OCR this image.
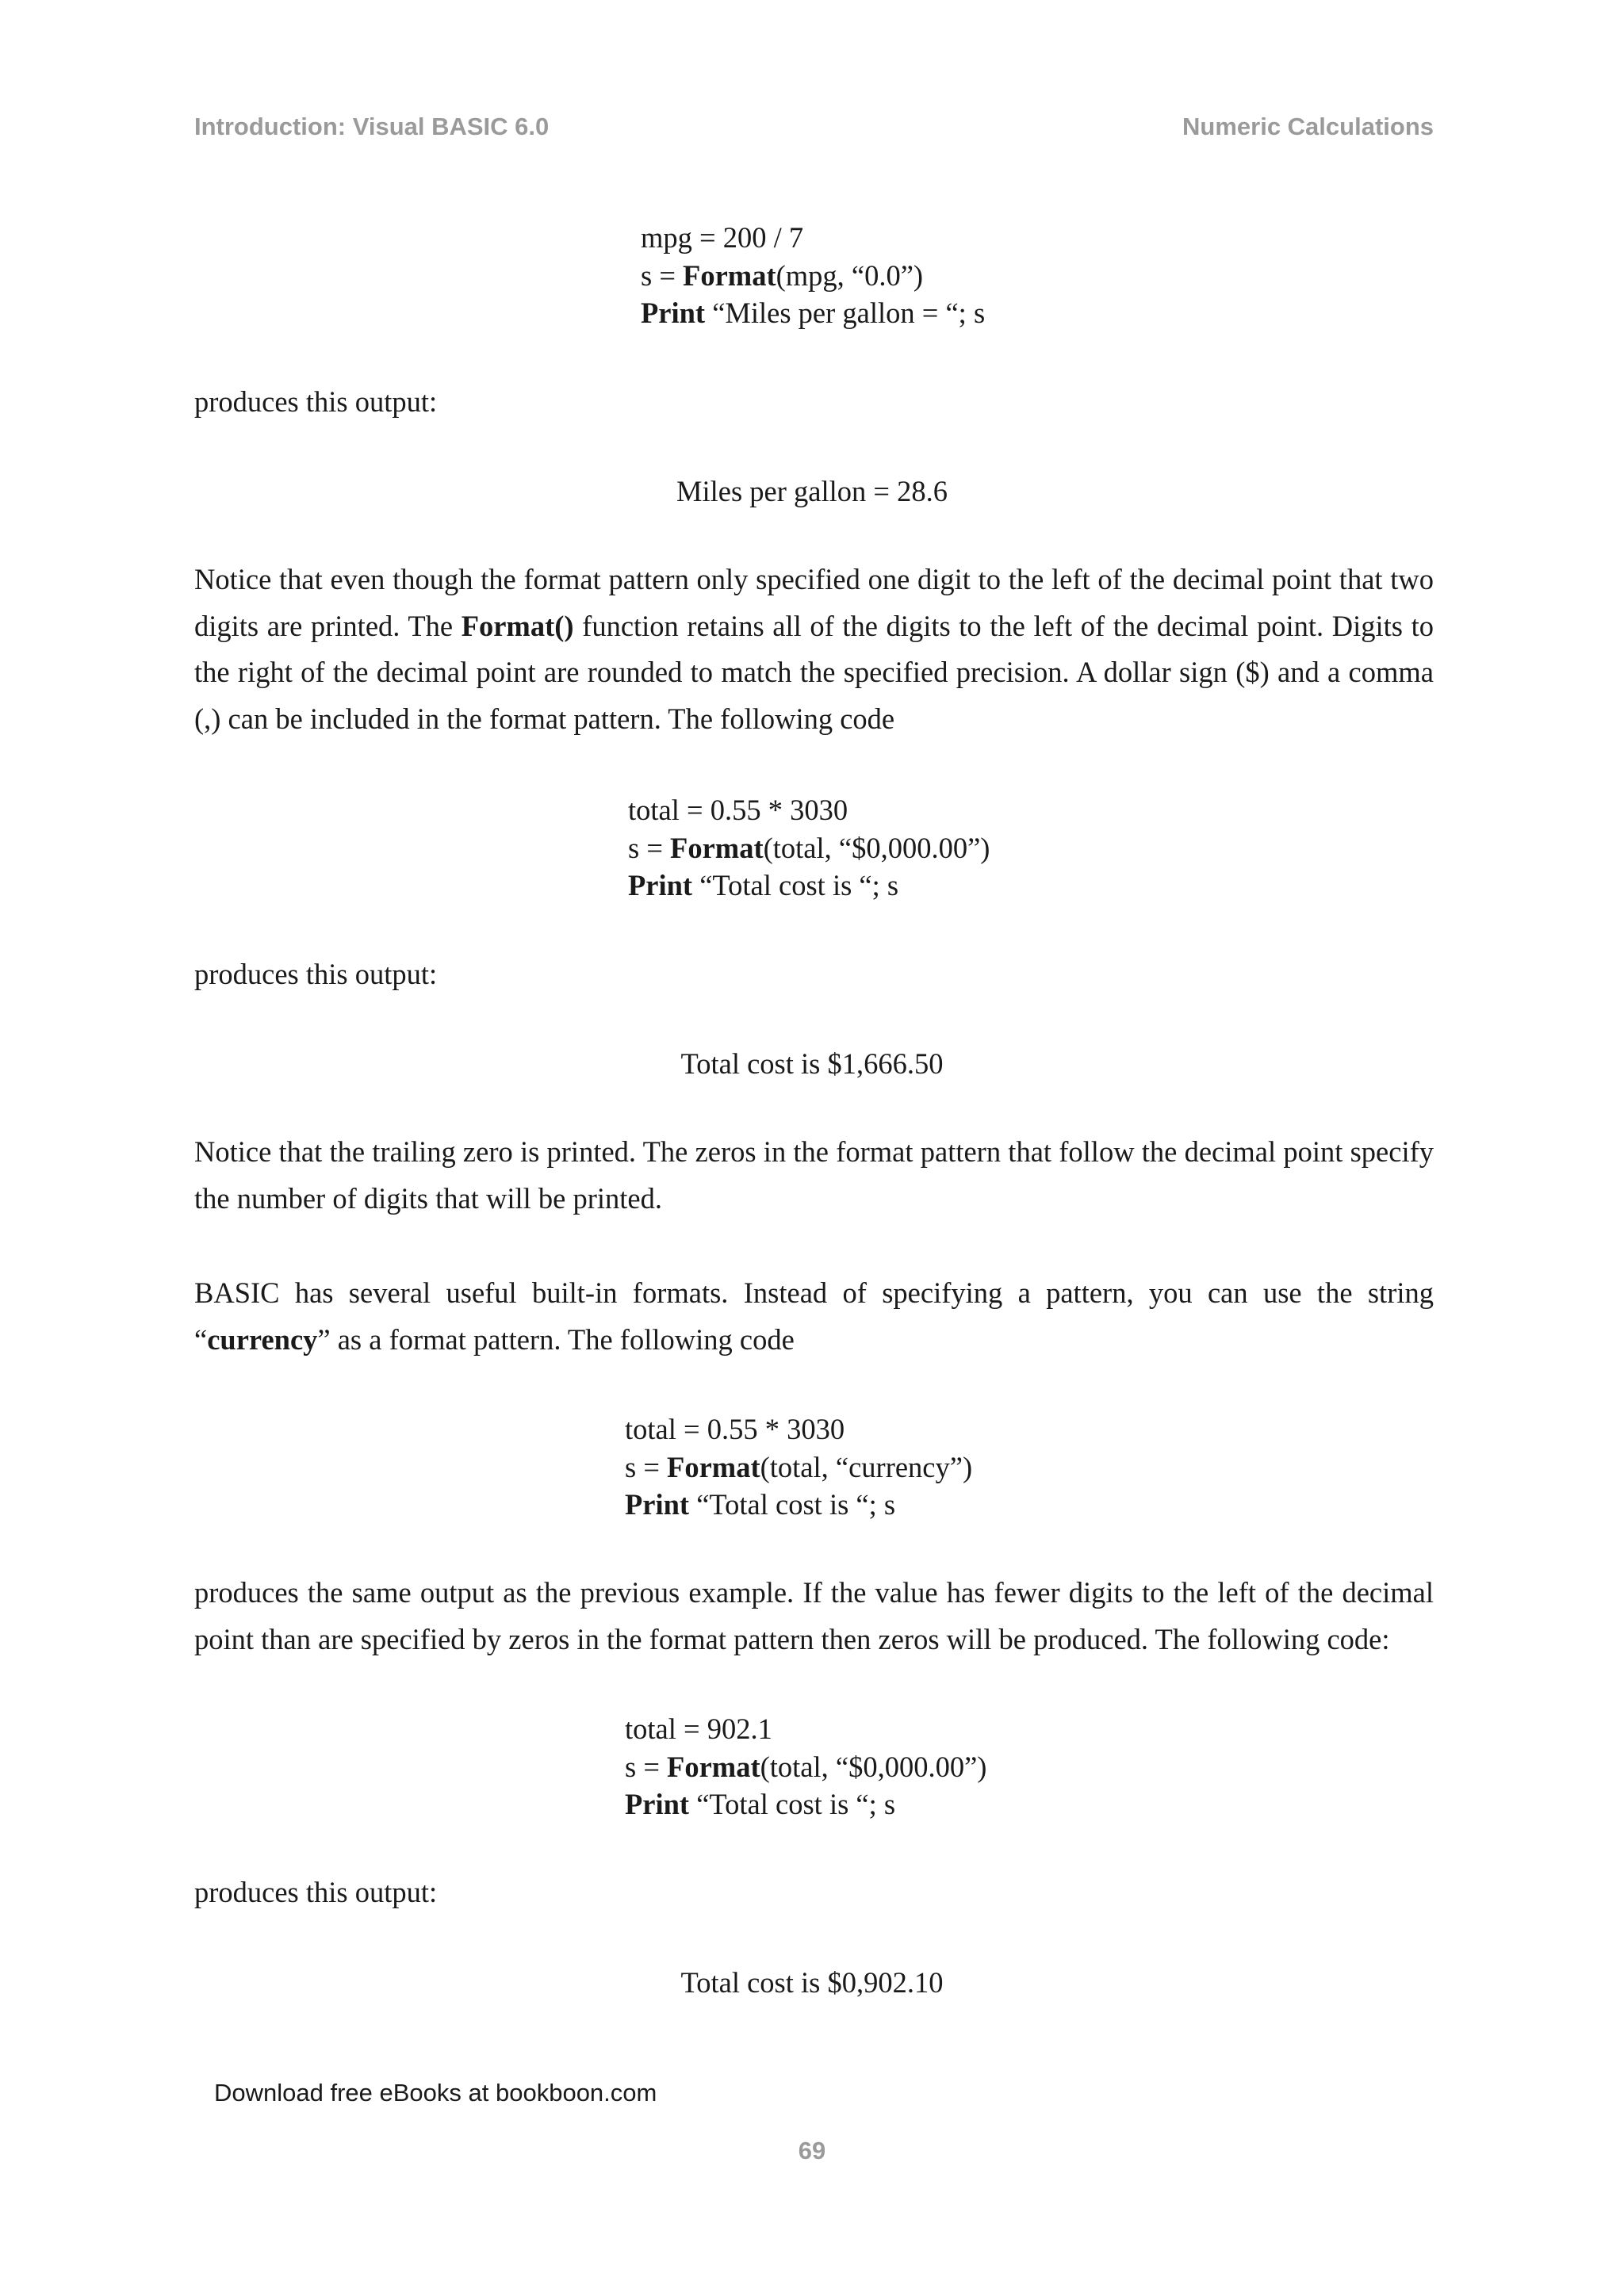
Introduction: Visual BASIC 6.0	Numeric Calculations
mpg = 200 / 7
s = Format(mpg, “0.0”)
Print “Miles per gallon = “; s
produces this output:
Miles per gallon = 28.6
Notice that even though the format pattern only specified one digit to the left of the decimal point that two digits are printed. The Format() function retains all of the digits to the left of the decimal point. Digits to the right of the decimal point are rounded to match the specified precision. A dollar sign ($) and a comma (,) can be included in the format pattern. The following code
total = 0.55 * 3030
s = Format(total, “$0,000.00”)
Print “Total cost is “; s
produces this output:
Total cost is $1,666.50
Notice that the trailing zero is printed. The zeros in the format pattern that follow the decimal point specify the number of digits that will be printed.
BASIC has several useful built-in formats. Instead of specifying a pattern, you can use the string “currency” as a format pattern. The following code
total = 0.55 * 3030
s = Format(total, “currency”)
Print “Total cost is “; s
produces the same output as the previous example. If the value has fewer digits to the left of the decimal point than are specified by zeros in the format pattern then zeros will be produced. The following code:
total = 902.1
s = Format(total, “$0,000.00”)
Print “Total cost is “; s
produces this output:
Total cost is $0,902.10
Download free eBooks at bookboon.com
69
